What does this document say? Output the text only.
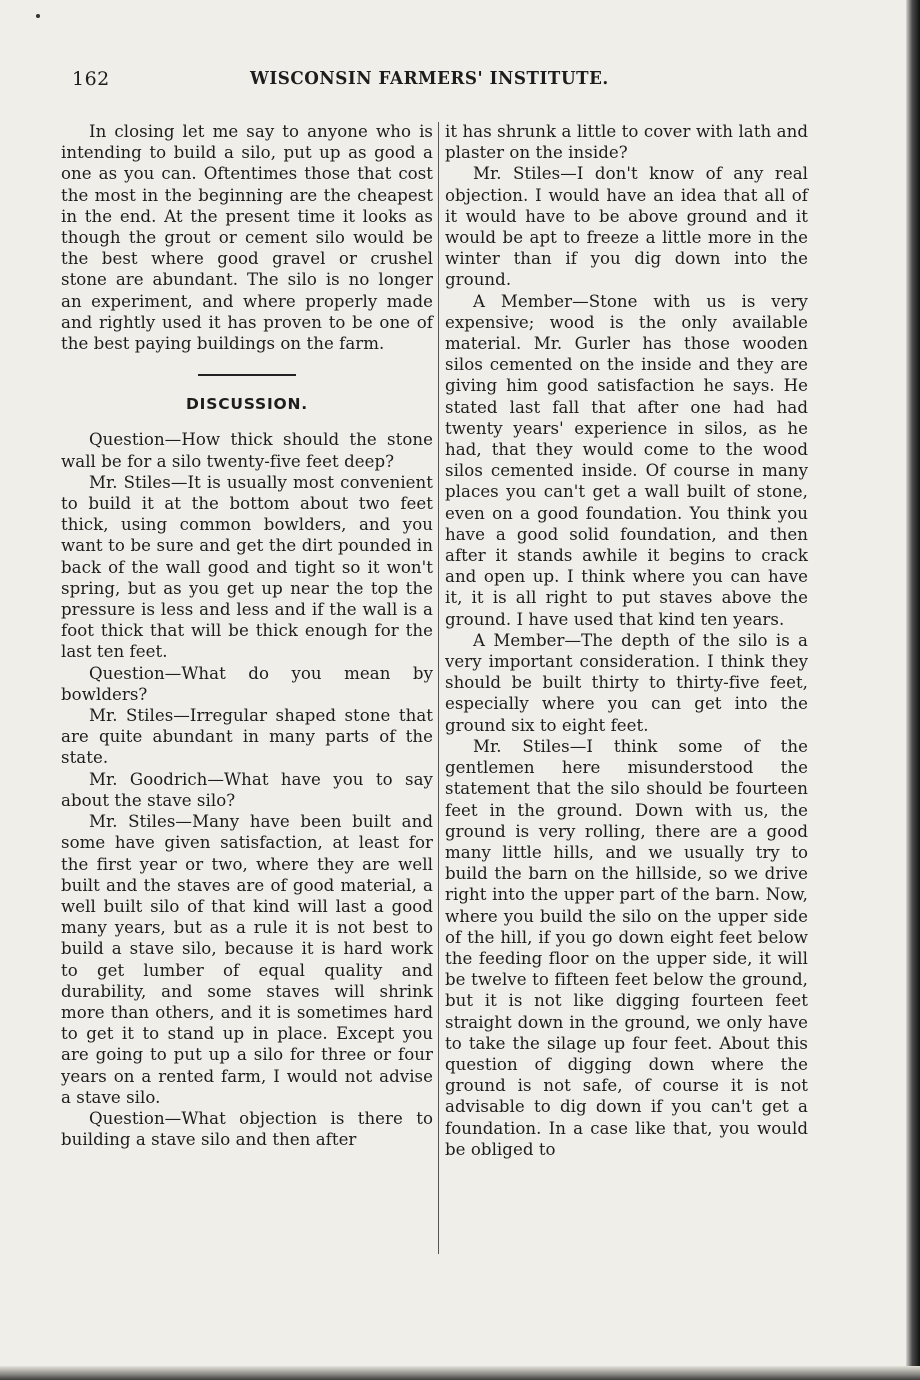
162	WISCONSIN FARMERS' INSTITUTE.

In closing let me say to anyone who is intending to build a silo, put up as good a one as you can. Oftentimes those that cost the most in the beginning are the cheapest in the end. At the present time it looks as though the grout or cement silo would be the best where good gravel or crushel stone are abundant. The silo is no longer an experiment, and where properly made and rightly used it has proven to be one of the best paying buildings on the farm.

DISCUSSION.

Question—How thick should the stone wall be for a silo twenty-five feet deep?

Mr. Stiles—It is usually most convenient to build it at the bottom about two feet thick, using common bowlders, and you want to be sure and get the dirt pounded in back of the wall good and tight so it won't spring, but as you get up near the top the pressure is less and less and if the wall is a foot thick that will be thick enough for the last ten feet.

Question—What do you mean by bowlders?

Mr. Stiles—Irregular shaped stone that are quite abundant in many parts of the state.

Mr. Goodrich—What have you to say about the stave silo?

Mr. Stiles—Many have been built and some have given satisfaction, at least for the first year or two, where they are well built and the staves are of good material, a well built silo of that kind will last a good many years, but as a rule it is not best to build a stave silo, because it is hard work to get lumber of equal quality and durability, and some staves will shrink more than others, and it is sometimes hard to get it to stand up in place. Except you are going to put up a silo for three or four years on a rented farm, I would not advise a stave silo.

Question—What objection is there to building a stave silo and then after

it has shrunk a little to cover with lath and plaster on the inside?

Mr. Stiles—I don't know of any real objection. I would have an idea that all of it would have to be above ground and it would be apt to freeze a little more in the winter than if you dig down into the ground.

A Member—Stone with us is very expensive; wood is the only available material. Mr. Gurler has those wooden silos cemented on the inside and they are giving him good satisfaction he says. He stated last fall that after one had had twenty years' experience in silos, as he had, that they would come to the wood silos cemented inside. Of course in many places you can't get a wall built of stone, even on a good foundation. You think you have a good solid foundation, and then after it stands awhile it begins to crack and open up. I think where you can have it, it is all right to put staves above the ground. I have used that kind ten years.

A Member—The depth of the silo is a very important consideration. I think they should be built thirty to thirty-five feet, especially where you can get into the ground six to eight feet.

Mr. Stiles—I think some of the gentlemen here misunderstood the statement that the silo should be fourteen feet in the ground. Down with us, the ground is very rolling, there are a good many little hills, and we usually try to build the barn on the hillside, so we drive right into the upper part of the barn. Now, where you build the silo on the upper side of the hill, if you go down eight feet below the feeding floor on the upper side, it will be twelve to fifteen feet below the ground, but it is not like digging fourteen feet straight down in the ground, we only have to take the silage up four feet. About this question of digging down where the ground is not safe, of course it is not advisable to dig down if you can't get a foundation. In a case like that, you would be obliged to
